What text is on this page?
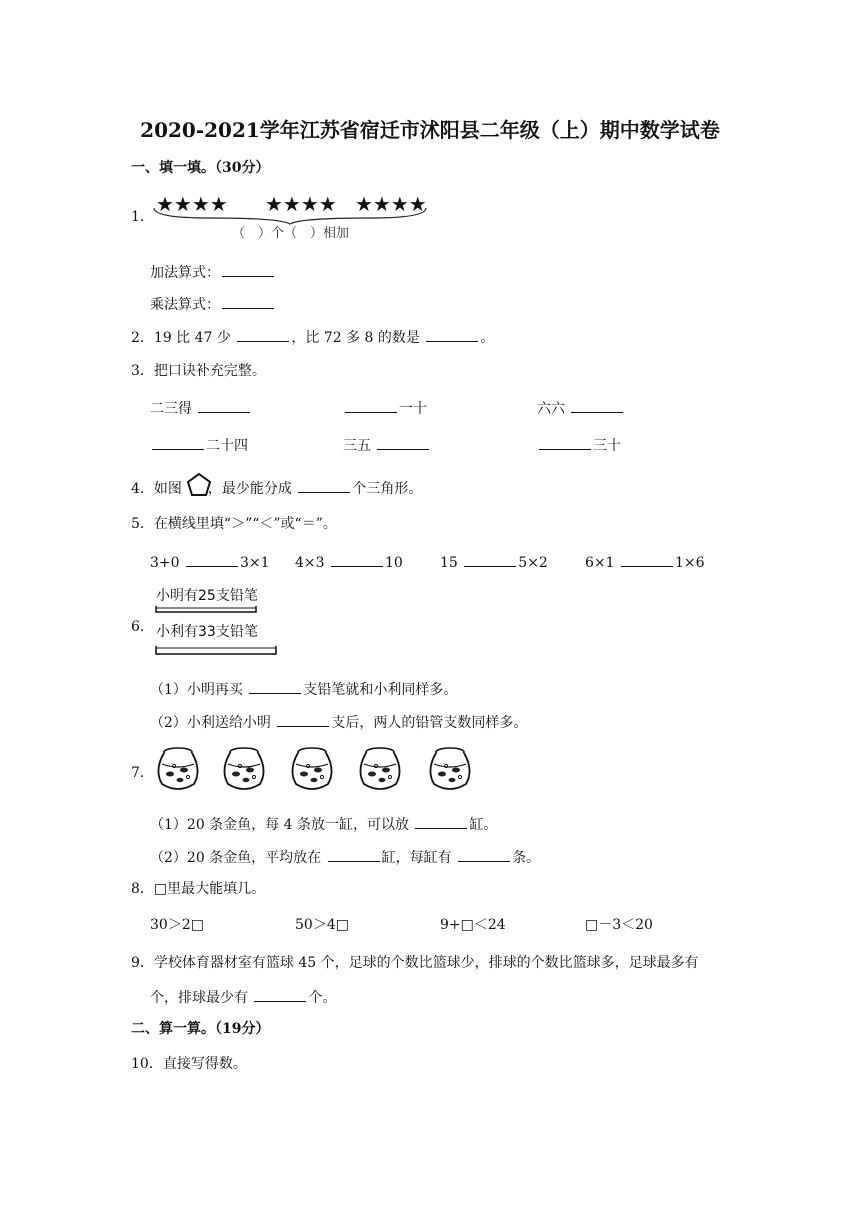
2020-2021学年江苏省宿迁市沭阳县二年级（上）期中数学试卷
一、填一填。（30分）
1．
★★★★ ★★★★ ★★★★
（　）个（　）相加
加法算式：
乘法算式：
2．19 比 47 少	，比 72 多 8 的数是	。
3．把口诀补充完整。
二三得	一十	六六
二十四	三五	三十
4．如图 ，最少能分成	个三角形。
5．在横线里填“＞”“＜”或“＝”。
3+0	3×1 4×3	10	15	5×2	6×1	1×6
6．
小明有25支铅笔
小利有33支铅笔
（1）小明再买	支铅笔就和小利同样多。
（2）小利送给小明	支后，两人的铅管支数同样多。
7．
（1）20 条金鱼，每 4 条放一缸，可以放	缸。
（2）20 条金鱼，平均放在	缸，每缸有	条。
8．□里最大能填几。
30＞2□	50＞4□	9+□＜24	□－3＜20
9．学校体育器材室有篮球 45 个，足球的个数比篮球少，排球的个数比篮球多，足球最多有
个，排球最少有	个。
二、算一算。（19分）
10．直接写得数。
